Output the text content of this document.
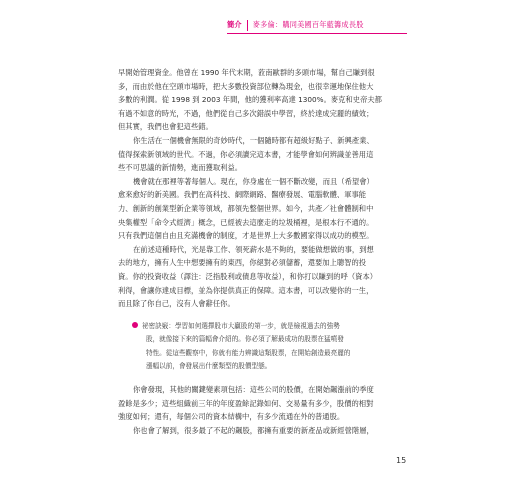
簡介	麥多倫：購同美國百年藍籌成長股
早開始管理資金。他曾在 1990 年代末期，蒞南歐群的多頭市場，幫自己賺到很
多，而由於他在空頭市場時，把大多數投資部位轉為現金，也很幸運地保住他大
多數的利潤。從 1998 到 2003 年間，他的獲利率高達 1300%。麥克和史帝夫都
有過不如意的時光，不過，他們從自己多次錯誤中學習，終於達成完麗的績效；
但其實，我們也會犯這些錯。
你生活在一個機會無限的奇妙時代，一個隨時都有超級好點子、新興產業、
值得探索新領域的世代。不過，你必須讀完這本書，才能學會如何辨識並善用這
些不可思議的新情勢，進而獲取利益。
機會就在那裡等著每個人。現在，你身處在一個不斷改變，而且（希望會）
愈來愈好的新美國。我們在高科技、網際網路、醫療發展、電腦軟體、軍事能
力、創新的創業型新企業等領域，都領先整個世界。如今，共產／社會體制和中
央集權型「命令式經濟」概念，已經被去這麼走的垃圾桶裡，是根本行不通的。
只有我們這個自由且充滿機會的制度，才是世界上大多數國家得以成功的模型。
在前述這種時代，光是靠工作、領死薪水是不夠的，要能做想做的事，到想
去的地方，擁有人生中想要擁有的東西，你絕對必須儲蓄，還要加上聰智的投
資。你的投資收益（譯注：泛指股利或債息等收益），和你打以賺到的呼（資本）
利得，會讓你達成目標，並為你提供真正的保障。這本書，可以改變你的一生，
而且除了你自己，沒有人會辭任你。
祕密訣竅：學習如何選擇股市大贏股的第一步，就是檢視過去的強勢
股，就像接下來的篇幅會介紹的。你必須了解最成功的股票在猛噴發
特性。從這些觀察中，你就有能力辨識這類股票，在開始創造最亮麗的
漲幅以前，會發展出什麼類型的股價型態。
你會發現，其他的關鍵變素項包括：這些公司的股價，在開始飆漲前的季度
盈餘是多少；這些組織前三年的年度盈餘記錄如何、交易量有多少，股價的相對
強度如何；還有，每個公司的資本結構中，有多少流通在外的普通股。
你也會了解到，很多最了不起的飆股，都擁有重要的新產品或新經營階層，
15
